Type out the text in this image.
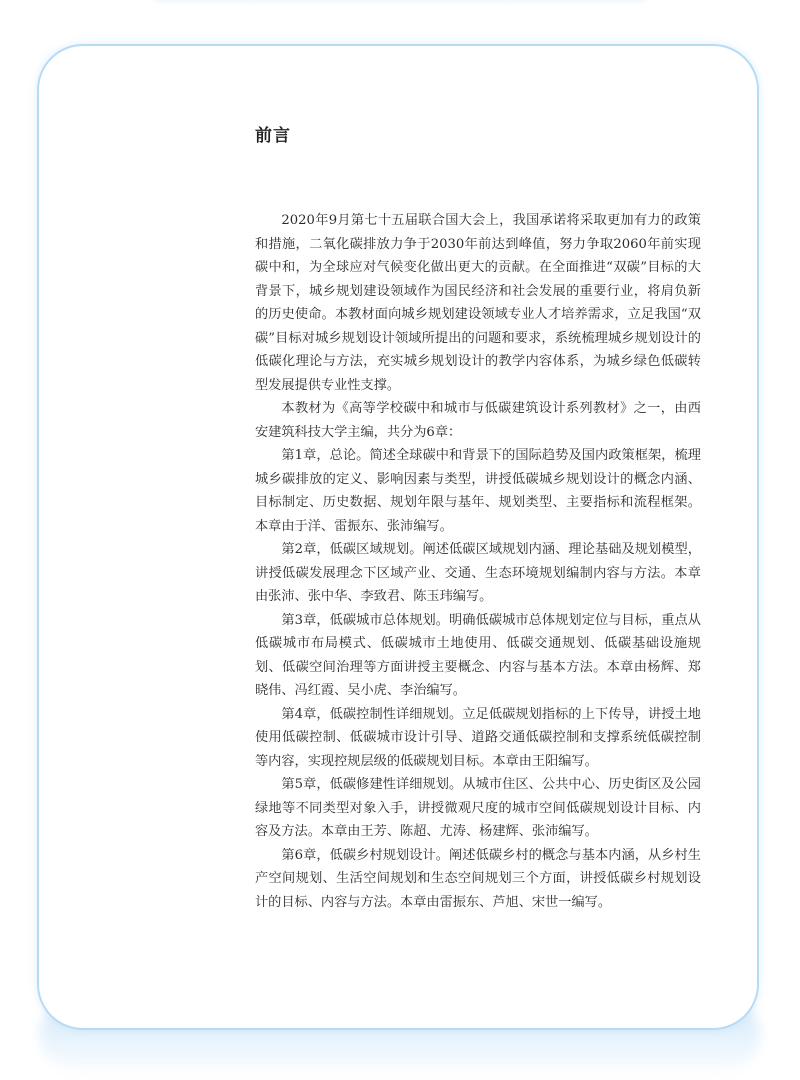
前言

2020年9月第七十五届联合国大会上，我国承诺将采取更加有力的政策和措施，二氧化碳排放力争于2030年前达到峰值，努力争取2060年前实现碳中和，为全球应对气候变化做出更大的贡献。在全面推进“双碳”目标的大背景下，城乡规划建设领域作为国民经济和社会发展的重要行业，将肩负新的历史使命。本教材面向城乡规划建设领域专业人才培养需求，立足我国“双碳”目标对城乡规划设计领域所提出的问题和要求，系统梳理城乡规划设计的低碳化理论与方法，充实城乡规划设计的教学内容体系，为城乡绿色低碳转型发展提供专业性支撑。

本教材为《高等学校碳中和城市与低碳建筑设计系列教材》之一，由西安建筑科技大学主编，共分为6章：

第1章，总论。简述全球碳中和背景下的国际趋势及国内政策框架，梳理城乡碳排放的定义、影响因素与类型，讲授低碳城乡规划设计的概念内涵、目标制定、历史数据、规划年限与基年、规划类型、主要指标和流程框架。本章由于洋、雷振东、张沛编写。

第2章，低碳区域规划。阐述低碳区域规划内涵、理论基础及规划模型，讲授低碳发展理念下区域产业、交通、生态环境规划编制内容与方法。本章由张沛、张中华、李致君、陈玉玮编写。

第3章，低碳城市总体规划。明确低碳城市总体规划定位与目标，重点从低碳城市布局模式、低碳城市土地使用、低碳交通规划、低碳基础设施规划、低碳空间治理等方面讲授主要概念、内容与基本方法。本章由杨辉、郑晓伟、冯红霞、吴小虎、李治编写。

第4章，低碳控制性详细规划。立足低碳规划指标的上下传导，讲授土地使用低碳控制、低碳城市设计引导、道路交通低碳控制和支撑系统低碳控制等内容，实现控规层级的低碳规划目标。本章由王阳编写。

第5章，低碳修建性详细规划。从城市住区、公共中心、历史街区及公园绿地等不同类型对象入手，讲授微观尺度的城市空间低碳规划设计目标、内容及方法。本章由王芳、陈超、尤涛、杨建辉、张沛编写。

第6章，低碳乡村规划设计。阐述低碳乡村的概念与基本内涵，从乡村生产空间规划、生活空间规划和生态空间规划三个方面，讲授低碳乡村规划设计的目标、内容与方法。本章由雷振东、芦旭、宋世一编写。
